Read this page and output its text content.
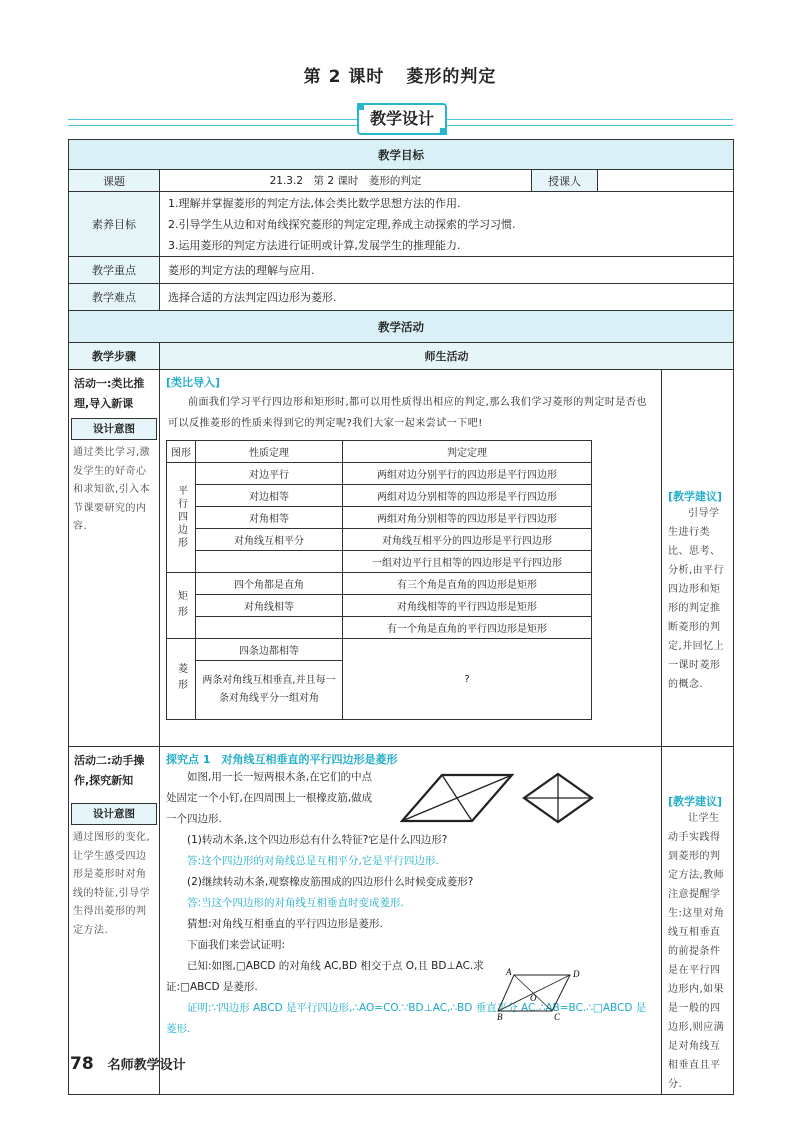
第 2 课时 菱形的判定
教学设计
教学目标
课题	21.3.2　第 2 课时　菱形的判定	授课人	
素养目标	
1.理解并掌握菱形的判定方法,体会类比数学思想方法的作用.
2.引导学生从边和对角线探究菱形的判定定理,养成主动探索的学习习惯.
3.运用菱形的判定方法进行证明或计算,发展学生的推理能力.

教学重点	菱形的判定方法的理解与应用.
教学难点	选择合适的方法判定四边形为菱形.
教学活动
教学步骤	师生活动

活动一:类比推理,导入新课
设计意图
通过类比学习,激发学生的好奇心和求知欲,引入本节课要研究的内容.

[类比导入]
前面我们学习平行四边形和矩形时,都可以用性质得出相应的判定,那么我们学习菱形的判定时是否也可以反推菱形的性质来得到它的判定呢?我们大家一起来尝试一下吧!
图形	性质定理	判定定理
平行四边形	对边平行	两组对边分别平行的四边形是平行四边形
对边相等	两组对边分别相等的四边形是平行四边形
对角相等	两组对角分别相等的四边形是平行四边形
对角线互相平分	对角线互相平分的四边形是平行四边形
	一组对边平行且相等的四边形是平行四边形
矩形	四个角都是直角	有三个角是直角的四边形是矩形
对角线相等	对角线相等的平行四边形是矩形
	有一个角是直角的平行四边形是矩形
菱形	四条边都相等	?
两条对角线互相垂直,并且每一条对角线平分一组对角

[教学建议]
引导学生进行类比、思考、分析,由平行四边形和矩形的判定推断菱形的判定,并回忆上一课时菱形的概念.

活动二:动手操作,探究新知
设计意图
通过图形的变化,让学生感受四边形是菱形时对角线的特征,引导学生得出菱形的判定方法.

探究点 1　对角线互相垂直的平行四边形是菱形
如图,用一长一短两根木条,在它们的中点处固定一个小钉,在四周围上一根橡皮筋,做成一个四边形.
(1)转动木条,这个四边形总有什么特征?它是什么四边形?
答:这个四边形的对角线总是互相平分,它是平行四边形.
(2)继续转动木条,观察橡皮筋围成的四边形什么时候变成菱形?
答:当这个四边形的对角线互相垂直时变成菱形.
猜想:对角线互相垂直的平行四边形是菱形.
下面我们来尝试证明:
已知:如图,□ABCD 的对角线 AC,BD 相交于点 O,且 BD⊥AC.求证:□ABCD 是菱形.
证明:∵四边形 ABCD 是平行四边形,∴AO=CO.∵BD⊥AC,∴BD 垂直平分 AC.∴AB=BC.∴□ABCD 是菱形.
A	D
B	C
O

[教学建议]
让学生动手实践得到菱形的判定方法,教师注意提醒学生:这里对角线互相垂直的前提条件是在平行四边形内,如果是一般的四边形,则应满足对角线互相垂直且平分.
78 名师教学设计
